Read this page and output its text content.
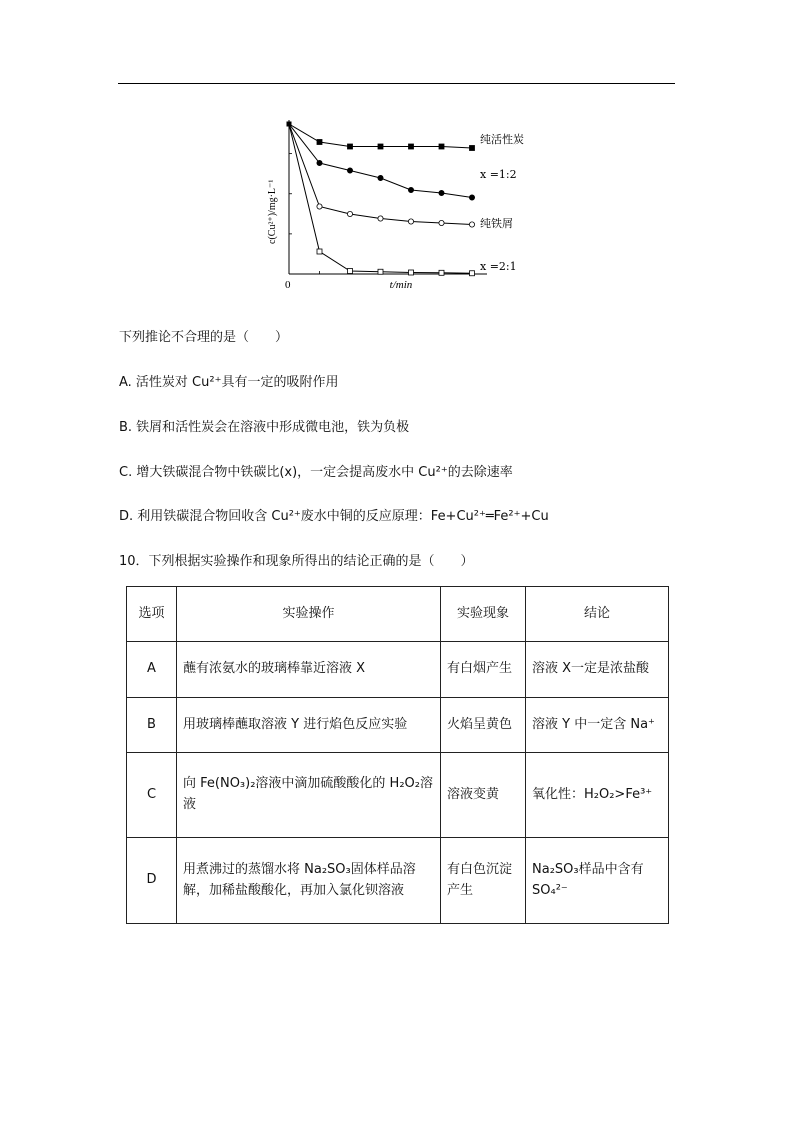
0	t/min
c(Cu²⁺)/mg·L⁻¹
纯活性炭
x =1:2
纯铁屑
x =2:1
下列推论不合理的是（　　）
A. 活性炭对 Cu²⁺具有一定的吸附作用
B. 铁屑和活性炭会在溶液中形成微电池，铁为负极
C. 增大铁碳混合物中铁碳比(x)，一定会提高废水中 Cu²⁺的去除速率
D. 利用铁碳混合物回收含 Cu²⁺废水中铜的反应原理：Fe+Cu²⁺═Fe²⁺+Cu
10．下列根据实验操作和现象所得出的结论正确的是（　　）
选项	实验操作	实验现象	结论
A	蘸有浓氨水的玻璃棒靠近溶液 X	有白烟产生	溶液 X一定是浓盐酸
B	用玻璃棒蘸取溶液 Y 进行焰色反应实验	火焰呈黄色	溶液 Y 中一定含 Na⁺
C	向 Fe(NO₃)₂溶液中滴加硫酸酸化的 H₂O₂溶液	溶液变黄	氧化性：H₂O₂>Fe³⁺
D	用煮沸过的蒸馏水将 Na₂SO₃固体样品溶解，加稀盐酸酸化，再加入氯化钡溶液	有白色沉淀产生	Na₂SO₃样品中含有SO₄²⁻
